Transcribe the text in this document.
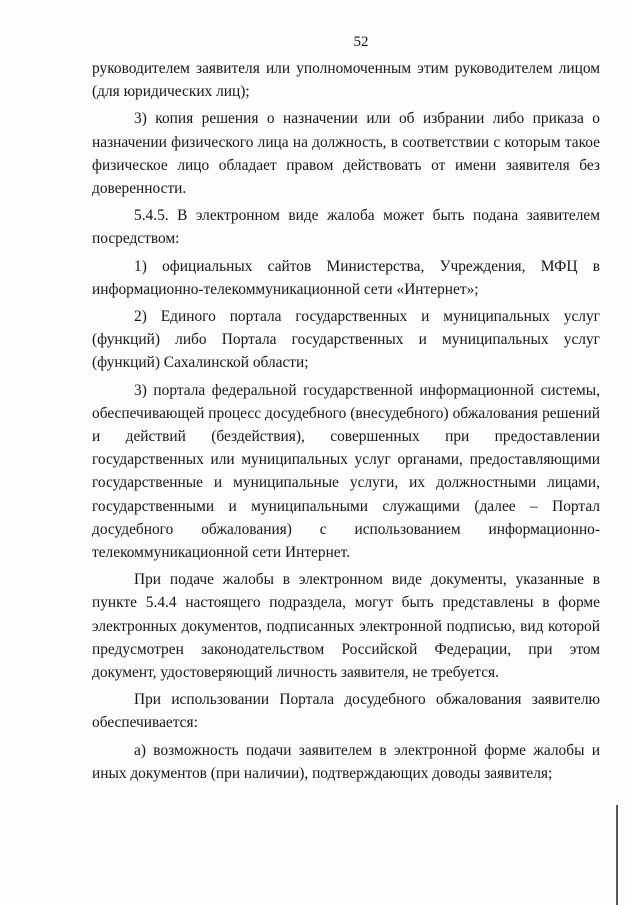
52

руководителем заявителя или уполномоченным этим руководителем лицом (для юридических лиц);

3) копия решения о назначении или об избрании либо приказа о назначении физического лица на должность, в соответствии с которым такое физическое лицо обладает правом действовать от имени заявителя без доверенности.

5.4.5. В электронном виде жалоба может быть подана заявителем посредством:

1) официальных сайтов Министерства, Учреждения, МФЦ в информационно-телекоммуникационной сети «Интернет»;

2) Единого портала государственных и муниципальных услуг (функций) либо Портала государственных и муниципальных услуг (функций) Сахалинской области;

3) портала федеральной государственной информационной системы, обеспечивающей процесс досудебного (внесудебного) обжалования решений и действий (бездействия), совершенных при предоставлении государственных или муниципальных услуг органами, предоставляющими государственные и муниципальные услуги, их должностными лицами, государственными и муниципальными служащими (далее – Портал досудебного обжалования) с использованием информационно-телекоммуникационной сети Интернет.

При подаче жалобы в электронном виде документы, указанные в пункте 5.4.4 настоящего подраздела, могут быть представлены в форме электронных документов, подписанных электронной подписью, вид которой предусмотрен законодательством Российской Федерации, при этом документ, удостоверяющий личность заявителя, не требуется.

При использовании Портала досудебного обжалования заявителю обеспечивается:

а) возможность подачи заявителем в электронной форме жалобы и иных документов (при наличии), подтверждающих доводы заявителя;
